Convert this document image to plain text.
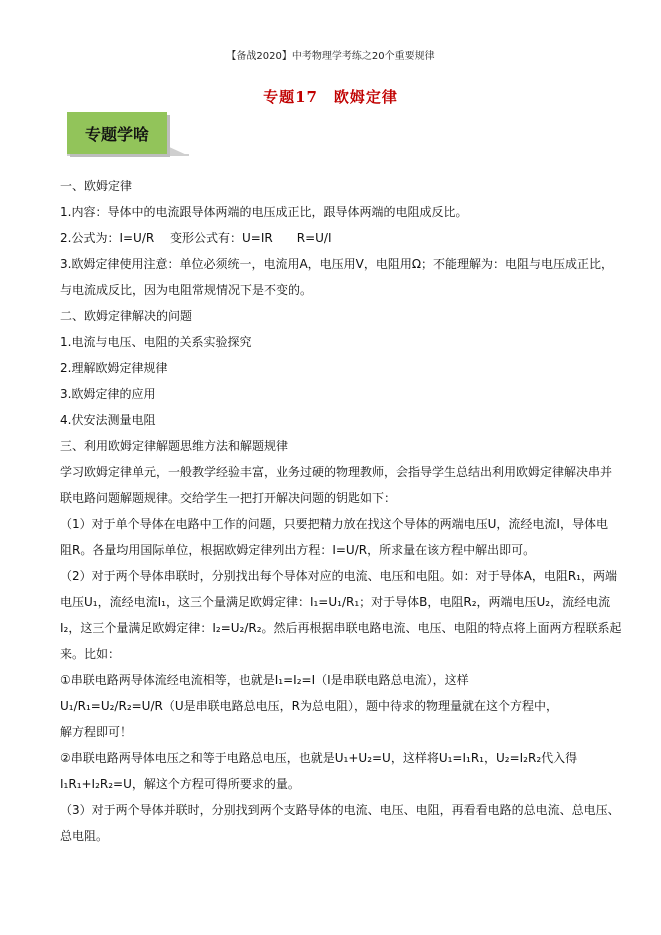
【备战2020】中考物理学考练之20个重要规律
专题17　欧姆定律
专题学啥
一、欧姆定律
1.内容：导体中的电流跟导体两端的电压成正比，跟导体两端的电阻成反比。
2.公式为：I=U/R　 变形公式有：U=IR　　R=U/I
3.欧姆定律使用注意：单位必须统一，电流用A，电压用V，电阻用Ω；不能理解为：电阻与电压成正比，
与电流成反比，因为电阻常规情况下是不变的。
二、欧姆定律解决的问题
1.电流与电压、电阻的关系实验探究
2.理解欧姆定律规律
3.欧姆定律的应用
4.伏安法测量电阻
三、利用欧姆定律解题思维方法和解题规律
学习欧姆定律单元，一般教学经验丰富，业务过硬的物理教师，会指导学生总结出利用欧姆定律解决串并
联电路问题解题规律。交给学生一把打开解决问题的钥匙如下：
（1）对于单个导体在电路中工作的问题，只要把精力放在找这个导体的两端电压U，流经电流I，导体电
阻R。各量均用国际单位，根据欧姆定律列出方程：I=U/R，所求量在该方程中解出即可。
（2）对于两个导体串联时，分别找出每个导体对应的电流、电压和电阻。如：对于导体A，电阻R₁，两端
电压U₁，流经电流I₁，这三个量满足欧姆定律：I₁=U₁/R₁；对于导体B，电阻R₂，两端电压U₂，流经电流
I₂，这三个量满足欧姆定律：I₂=U₂/R₂。然后再根据串联电路电流、电压、电阻的特点将上面两方程联系起
来。比如：
①串联电路两导体流经电流相等，也就是I₁=I₂=I（I是串联电路总电流），这样
U₁/R₁=U₂/R₂=U/R（U是串联电路总电压，R为总电阻），题中待求的物理量就在这个方程中，
解方程即可！
②串联电路两导体电压之和等于电路总电压，也就是U₁+U₂=U，这样将U₁=I₁R₁，U₂=I₂R₂代入得
I₁R₁+I₂R₂=U，解这个方程可得所要求的量。
（3）对于两个导体并联时，分别找到两个支路导体的电流、电压、电阻，再看看电路的总电流、总电压、
总电阻。
